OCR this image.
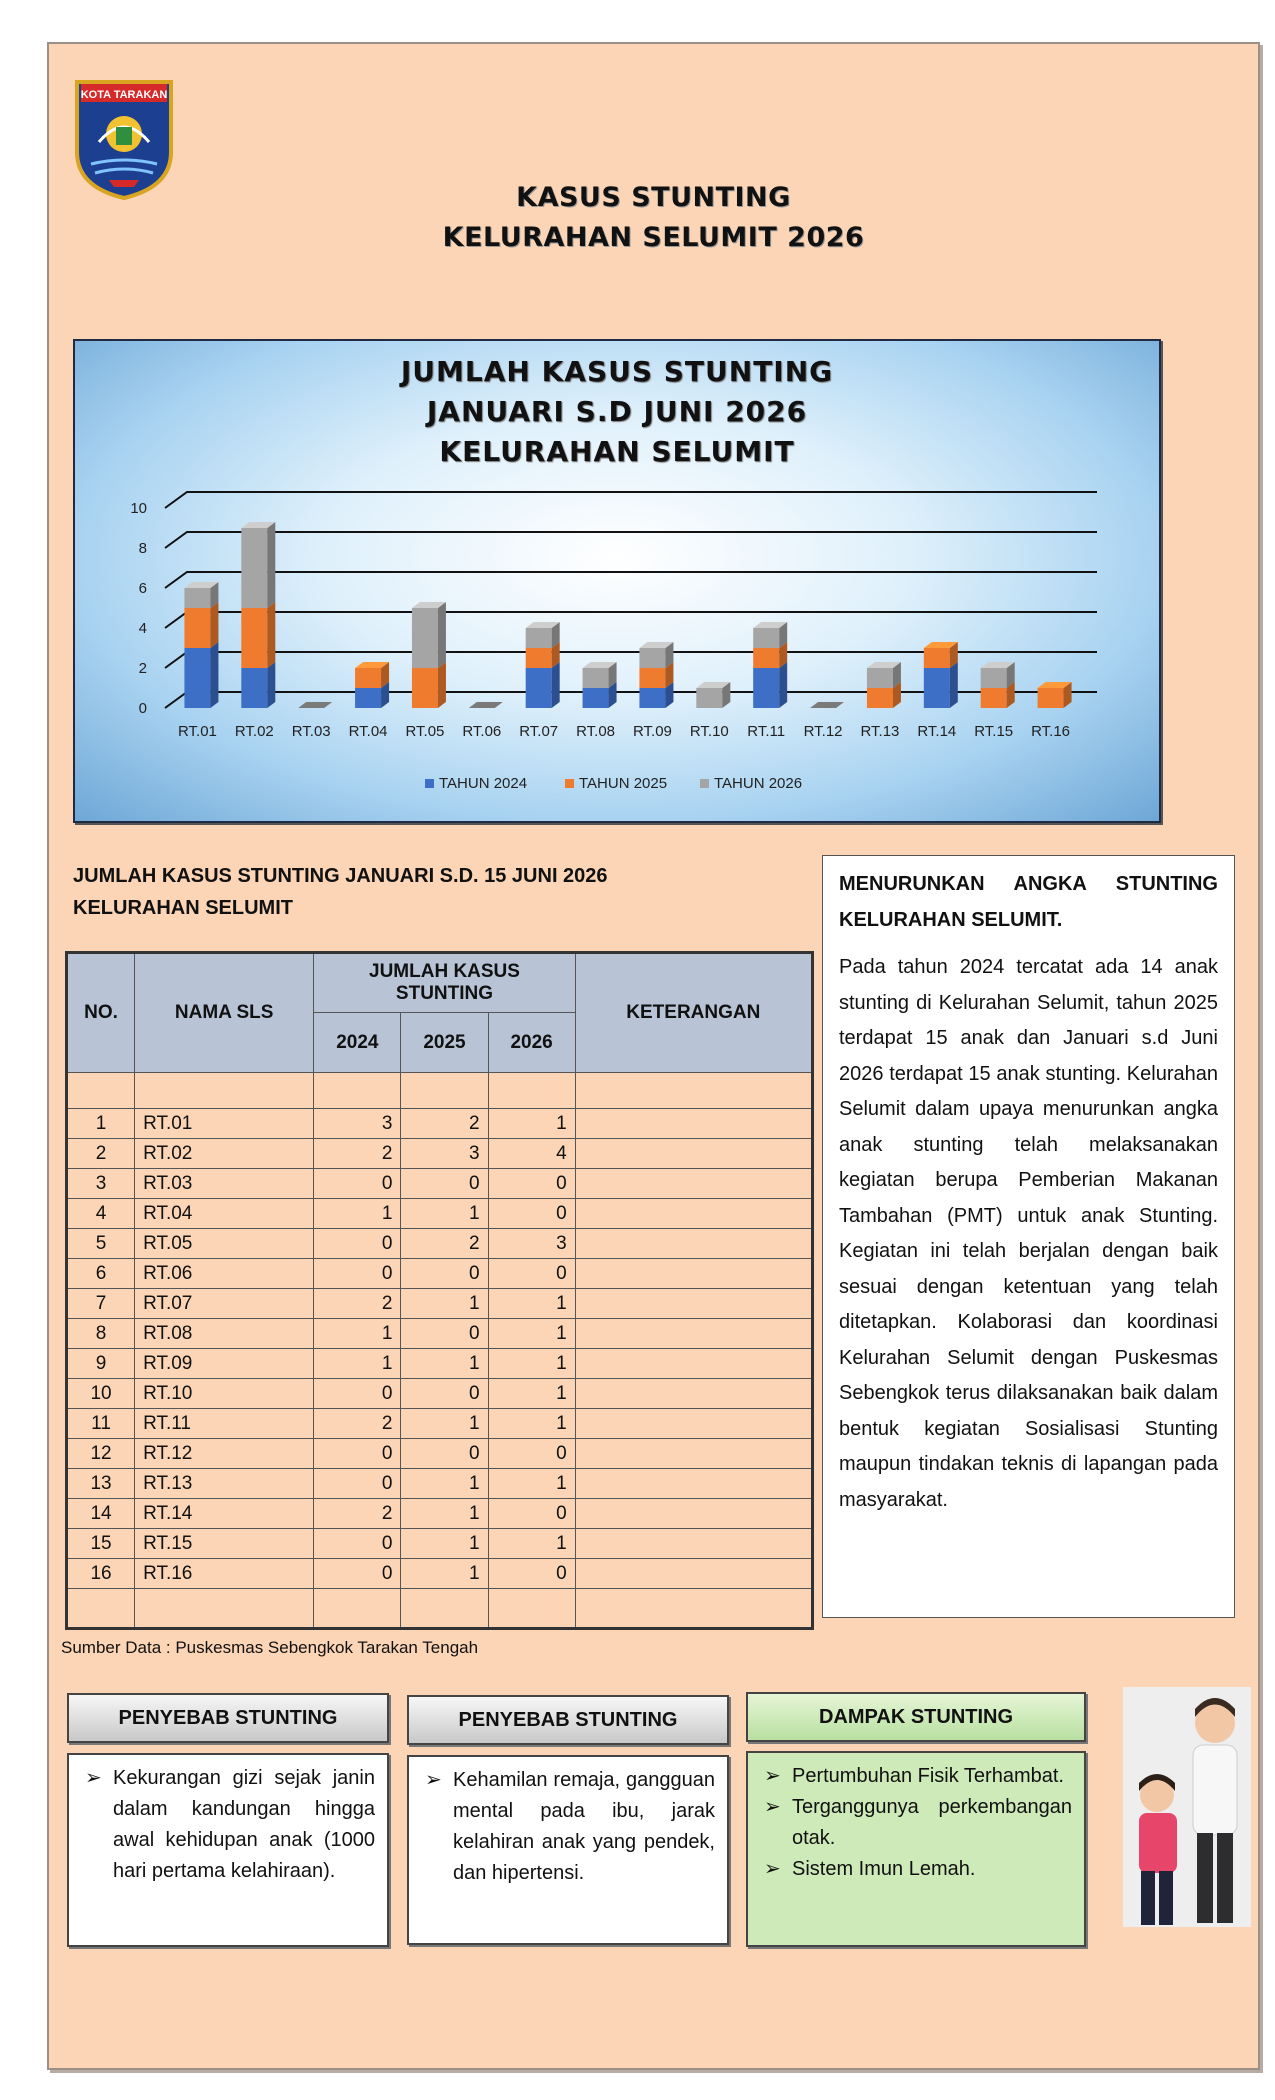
KOTA TARAKAN
KASUS STUNTING
KELURAHAN SELUMIT 2026
JUMLAH KASUS STUNTING
JANUARI S.D JUNI 2026
KELURAHAN SELUMIT
0
2
4
6
8
10
RT.01 RT.02 RT.03 RT.04 RT.05 RT.06 RT.07 RT.08 RT.09 RT.10 RT.11 RT.12 RT.13 RT.14 RT.15 RT.16
TAHUN 2024	TAHUN 2025	TAHUN 2026
JUMLAH KASUS STUNTING JANUARI S.D. 15 JUNI 2026
KELURAHAN SELUMIT
NO.	NAMA SLS	JUMLAH KASUS STUNTING			KETERANGAN
		2024	2025	2026	

1	RT.01	3	2	1	
2	RT.02	2	3	4	
3	RT.03	0	0	0	
4	RT.04	1	1	0	
5	RT.05	0	2	3	
6	RT.06	0	0	0	
7	RT.07	2	1	1	
8	RT.08	1	0	1	
9	RT.09	1	1	1	
10	RT.10	0	0	1	
11	RT.11	2	1	1	
12	RT.12	0	0	0	
13	RT.13	0	1	1	
14	RT.14	2	1	0	
15	RT.15	0	1	1	
16	RT.16	0	1	0	

Sumber Data : Puskesmas Sebengkok Tarakan Tengah
MENURUNKAN ANGKA STUNTING KELURAHAN SELUMIT.
Pada tahun 2024 tercatat ada 14 anak stunting di Kelurahan Selumit, tahun 2025 terdapat 15 anak dan Januari s.d Juni 2026 terdapat 15 anak stunting. Kelurahan Selumit dalam upaya menurunkan angka anak stunting telah melaksanakan kegiatan berupa Pemberian Makanan Tambahan (PMT) untuk anak Stunting. Kegiatan ini telah berjalan dengan baik sesuai dengan ketentuan yang telah ditetapkan. Kolaborasi dan koordinasi Kelurahan Selumit dengan Puskesmas Sebengkok terus dilaksanakan baik dalam bentuk kegiatan Sosialisasi Stunting maupun tindakan teknis di lapangan pada masyarakat.
PENYEBAB STUNTING
➢ Kekurangan gizi sejak janin dalam kandungan hingga awal kehidupan anak (1000 hari pertama kelahiraan).
PENYEBAB STUNTING
➢ Kehamilan remaja, gangguan mental pada ibu, jarak kelahiran anak yang pendek, dan hipertensi.
DAMPAK STUNTING
➢ Pertumbuhan Fisik Terhambat.
➢ Terganggunya perkembangan otak.
➢ Sistem Imun Lemah.
